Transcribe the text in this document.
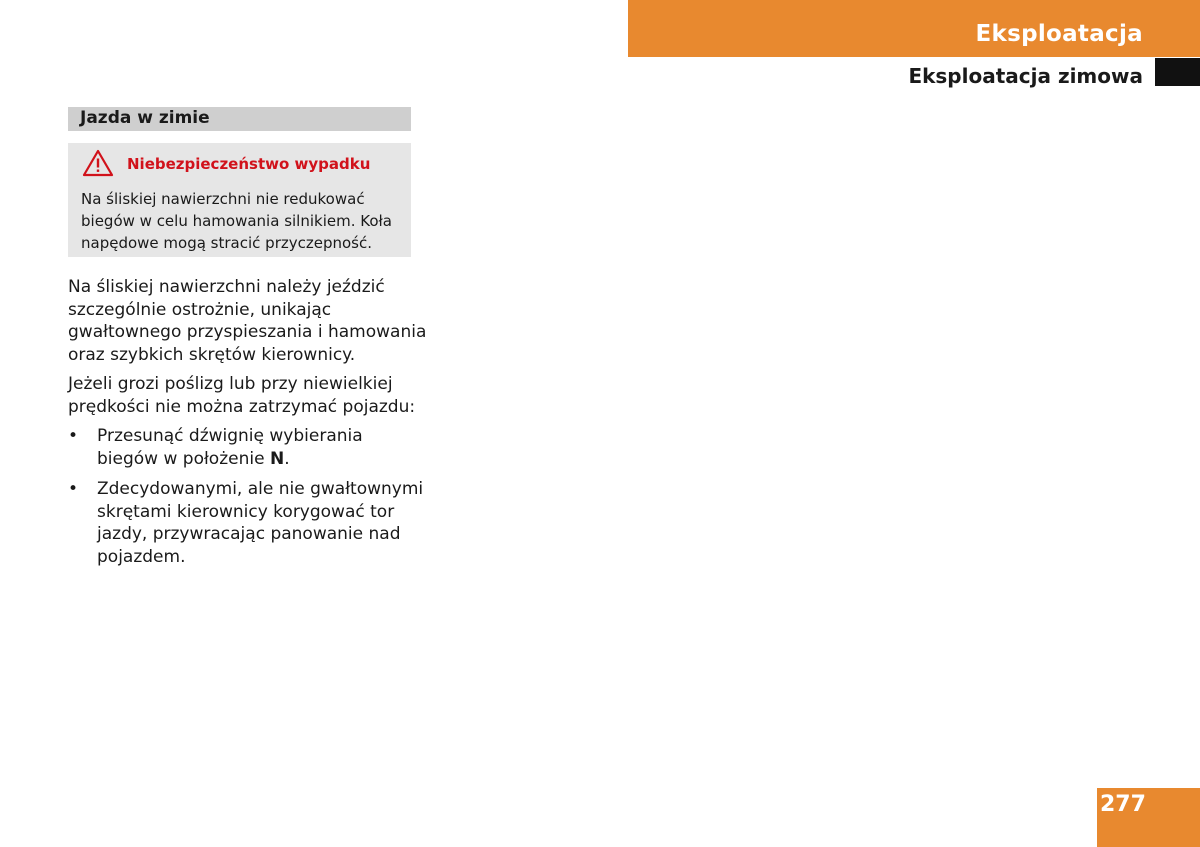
Eksploatacja
Eksploatacja zimowa
Jazda w zimie
Niebezpieczeństwo wypadku
Na śliskiej nawierzchni nie redukować
biegów w celu hamowania silnikiem. Koła
napędowe mogą stracić przyczepność.
Na śliskiej nawierzchni należy jeździć
szczególnie ostrożnie, unikając
gwałtownego przyspieszania i hamowania
oraz szybkich skrętów kierownicy.
Jeżeli grozi poślizg lub przy niewielkiej
prędkości nie można zatrzymać pojazdu:
• Przesunąć dźwignię wybierania
biegów w położenie N.
• Zdecydowanymi, ale nie gwałtownymi
skrętami kierownicy korygować tor
jazdy, przywracając panowanie nad
pojazdem.
277
